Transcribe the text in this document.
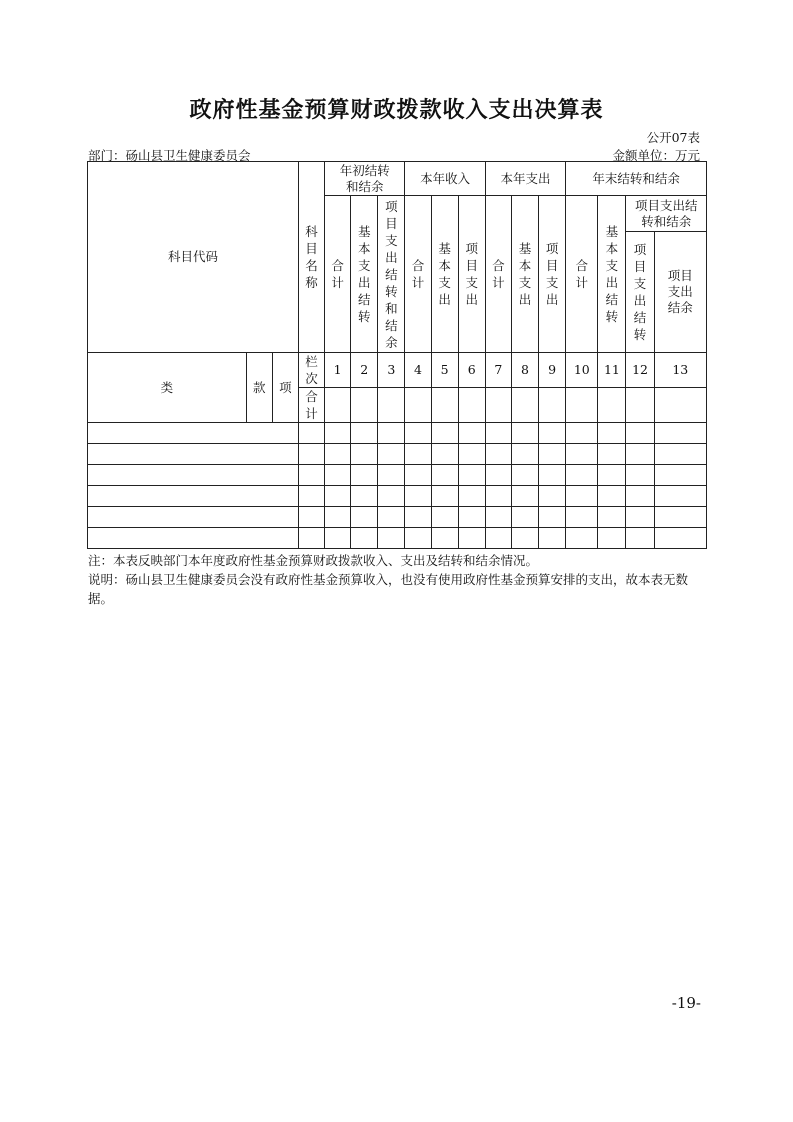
政府性基金预算财政拨款收入支出决算表
公开07表
部门：砀山县卫生健康委员会	金额单位：万元
科目代码			科目名称	年初结转和结余			本年收入			本年支出			年末结转和结余			
				合计	基本支出结转	项目支出结转和结余	合计	基本支出	项目支出	合计	基本支出	项目支出	合计	基本支出结转	项目支出结转和结余	
															项目支出结转	项目支出结余
类	款	项	栏次	1	2	3	4	5	6	7	8	9	10	11	12	13
			合计													

注：本表反映部门本年度政府性基金预算财政拨款收入、支出及结转和结余情况。
说明：砀山县卫生健康委员会没有政府性基金预算收入，也没有使用政府性基金预算安排的支出，故本表无数据。
-19-
